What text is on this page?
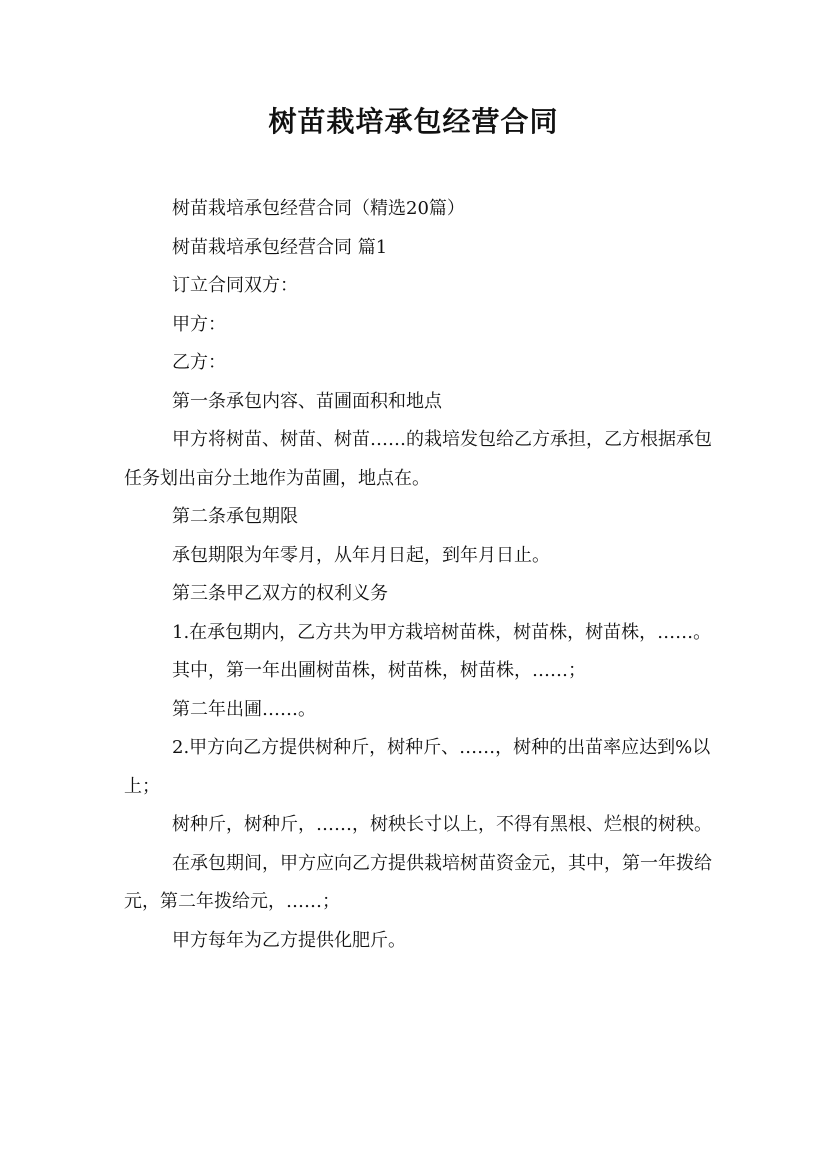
树苗栽培承包经营合同

树苗栽培承包经营合同（精选20篇）

树苗栽培承包经营合同 篇1

订立合同双方：

甲方：

乙方：

第一条承包内容、苗圃面积和地点

甲方将树苗、树苗、树苗……的栽培发包给乙方承担，乙方根据承包任务划出亩分土地作为苗圃，地点在。

第二条承包期限

承包期限为年零月，从年月日起，到年月日止。

第三条甲乙双方的权利义务

1.在承包期内，乙方共为甲方栽培树苗株，树苗株，树苗株，……。

其中，第一年出圃树苗株，树苗株，树苗株，……；

第二年出圃……。

2.甲方向乙方提供树种斤，树种斤、……，树种的出苗率应达到%以上；

树种斤，树种斤，……，树秧长寸以上，不得有黑根、烂根的树秧。

在承包期间，甲方应向乙方提供栽培树苗资金元，其中，第一年拨给元，第二年拨给元，……；

甲方每年为乙方提供化肥斤。
